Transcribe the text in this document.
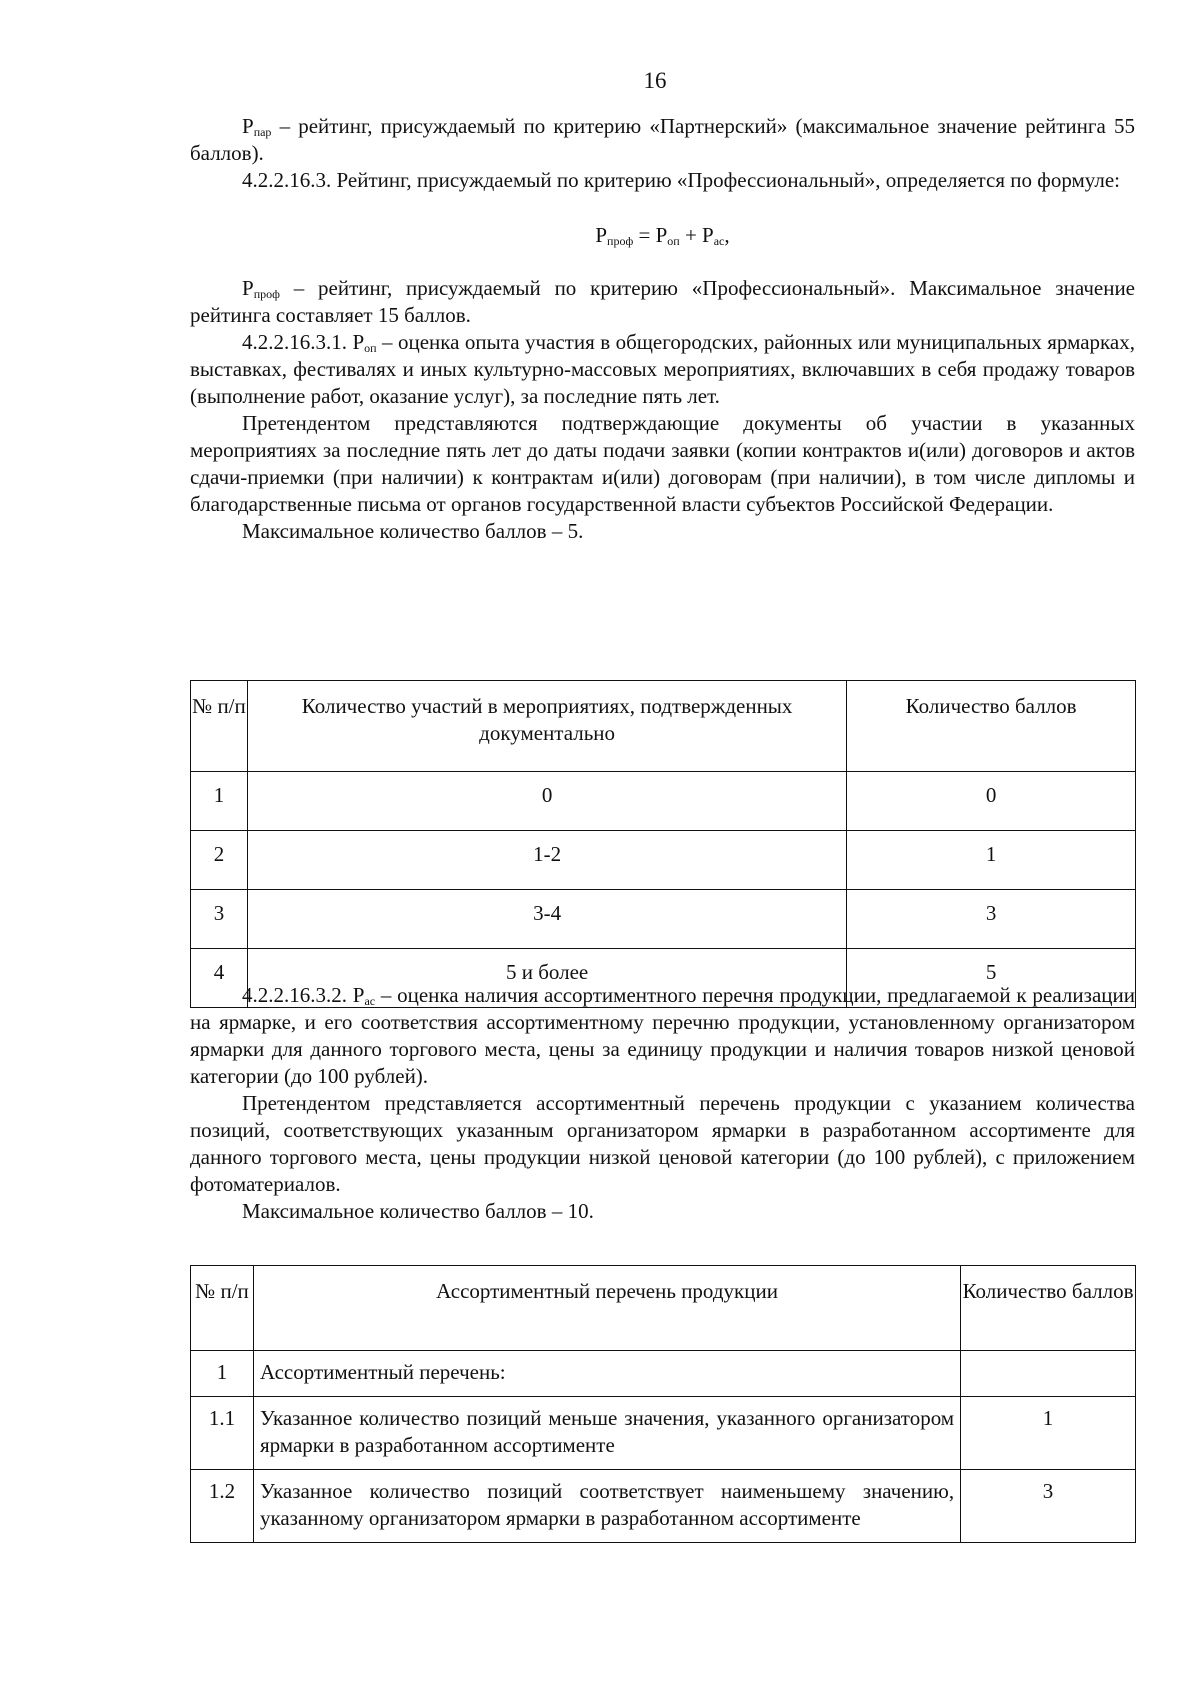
16

$Р_{пар}$ – рейтинг, присуждаемый по критерию «Партнерский» (максимальное значение рейтинга 55 баллов).

4.2.2.16.3. Рейтинг, присуждаемый по критерию «Профессиональный», определяется по формуле:

$Р_{проф} = Р_{оп} + Р_{ас}$,

$Р_{проф}$ – рейтинг, присуждаемый по критерию «Профессиональный». Максимальное значение рейтинга составляет 15 баллов.

4.2.2.16.3.1. $Р_{оп}$ – оценка опыта участия в общегородских, районных или муниципальных ярмарках, выставках, фестивалях и иных культурно-массовых мероприятиях, включавших в себя продажу товаров (выполнение работ, оказание услуг), за последние пять лет.

Претендентом представляются подтверждающие документы об участии в указанных мероприятиях за последние пять лет до даты подачи заявки (копии контрактов и(или) договоров и актов сдачи-приемки (при наличии) к контрактам и(или) договорам (при наличии), в том числе дипломы и благодарственные письма от органов государственной власти субъектов Российской Федерации.

Максимальное количество баллов – 5.

№ п/п	Количество участий в мероприятиях, подтвержденных документально	Количество баллов
1	0	0
2	1-2	1
3	3-4	3
4	5 и более	5

4.2.2.16.3.2. $Р_{ас}$ – оценка наличия ассортиментного перечня продукции, предлагаемой к реализации на ярмарке, и его соответствия ассортиментному перечню продукции, установленному организатором ярмарки для данного торгового места, цены за единицу продукции и наличия товаров низкой ценовой категории (до 100 рублей).

Претендентом представляется ассортиментный перечень продукции с указанием количества позиций, соответствующих указанным организатором ярмарки в разработанном ассортименте для данного торгового места, цены продукции низкой ценовой категории (до 100 рублей), с приложением фотоматериалов.

Максимальное количество баллов – 10.

№ п/п	Ассортиментный перечень продукции	Количество баллов
1	Ассортиментный перечень:	
1.1	Указанное количество позиций меньше значения, указанного организатором ярмарки в разработанном ассортименте	1
1.2	Указанное количество позиций соответствует наименьшему значению, указанному организатором ярмарки в разработанном ассортименте	3
